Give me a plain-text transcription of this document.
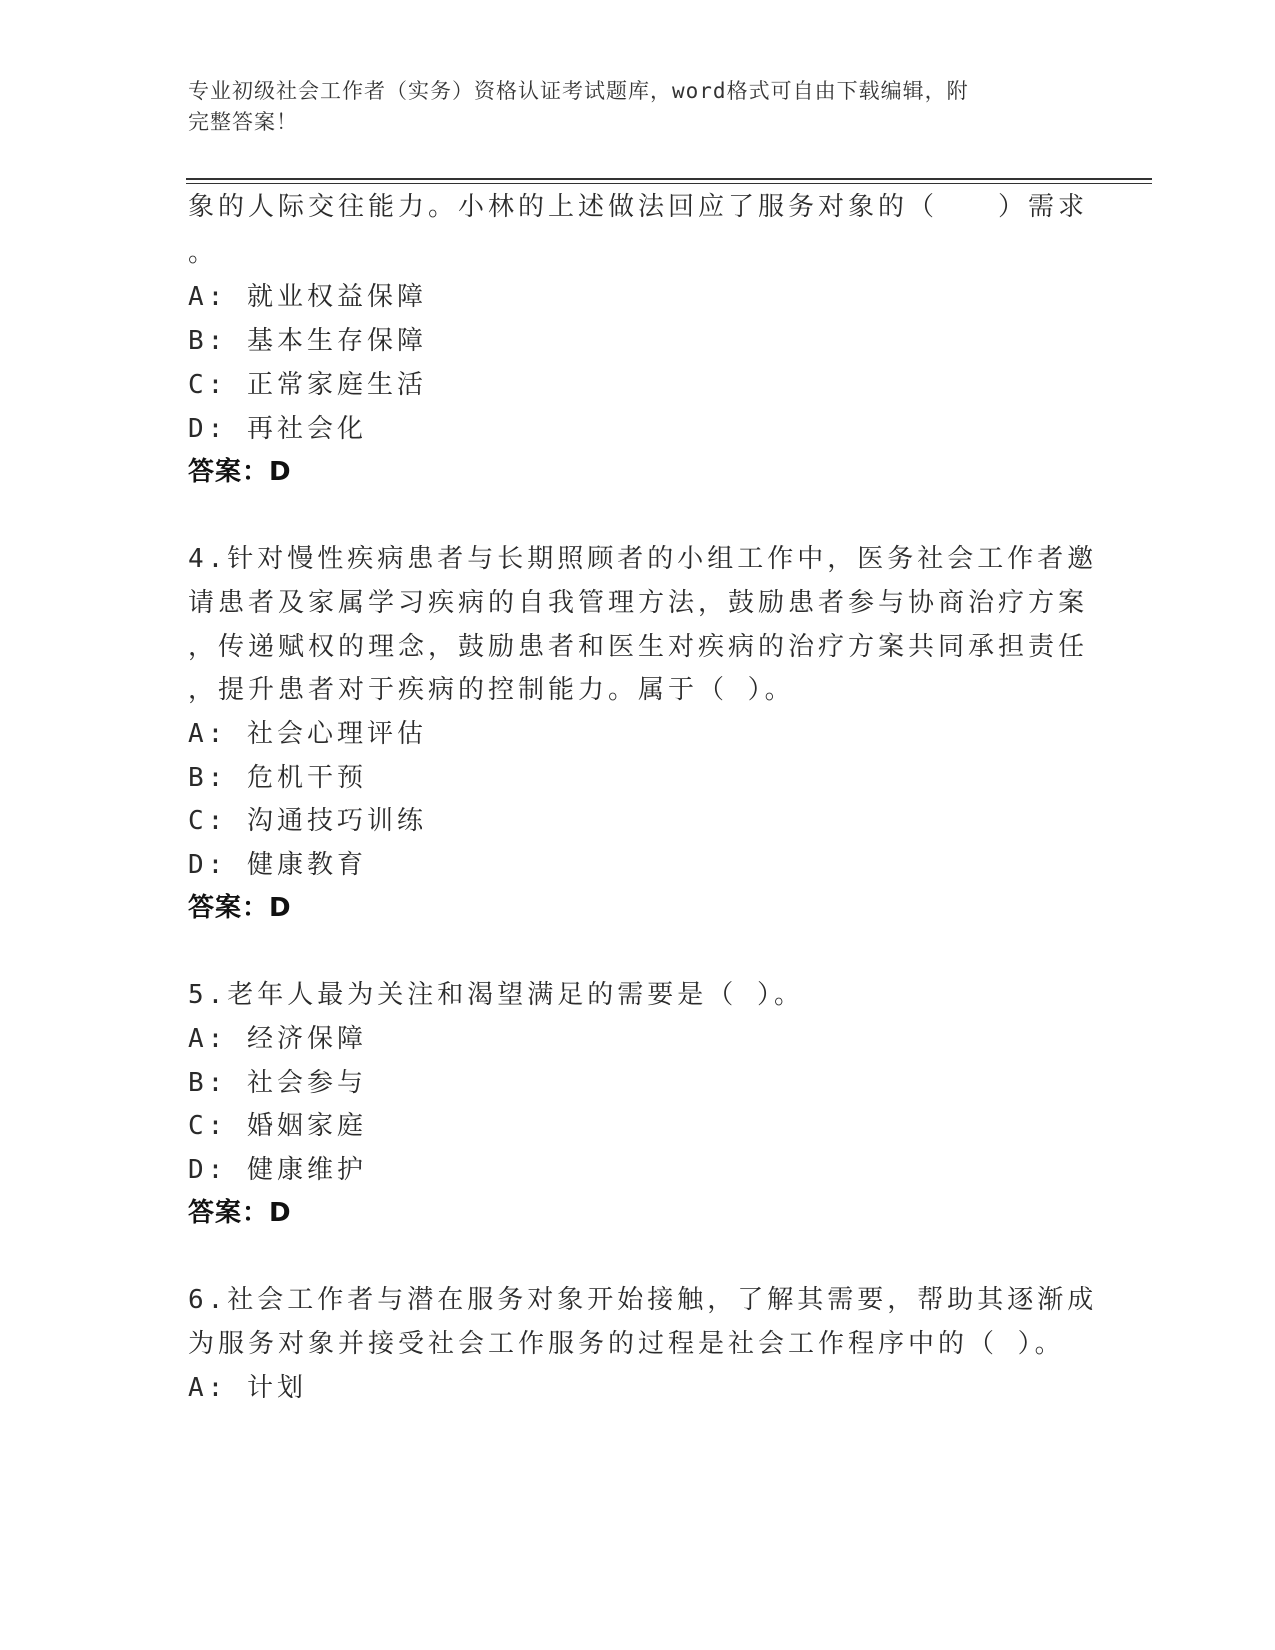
专业初级社会工作者（实务）资格认证考试题库，word格式可自由下载编辑，附
完整答案！
象的人际交往能力。小林的上述做法回应了服务对象的（　　）需求
。
A: 就业权益保障
B: 基本生存保障
C: 正常家庭生活
D: 再社会化
答案：D
4.针对慢性疾病患者与长期照顾者的小组工作中，医务社会工作者邀
请患者及家属学习疾病的自我管理方法，鼓励患者参与协商治疗方案
，传递赋权的理念，鼓励患者和医生对疾病的治疗方案共同承担责任
，提升患者对于疾病的控制能力。属于（ ）。
A: 社会心理评估
B: 危机干预
C: 沟通技巧训练
D: 健康教育
答案：D
5.老年人最为关注和渴望满足的需要是（ ）。
A: 经济保障
B: 社会参与
C: 婚姻家庭
D: 健康维护
答案：D
6.社会工作者与潜在服务对象开始接触，了解其需要，帮助其逐渐成
为服务对象并接受社会工作服务的过程是社会工作程序中的（ ）。
A: 计划
